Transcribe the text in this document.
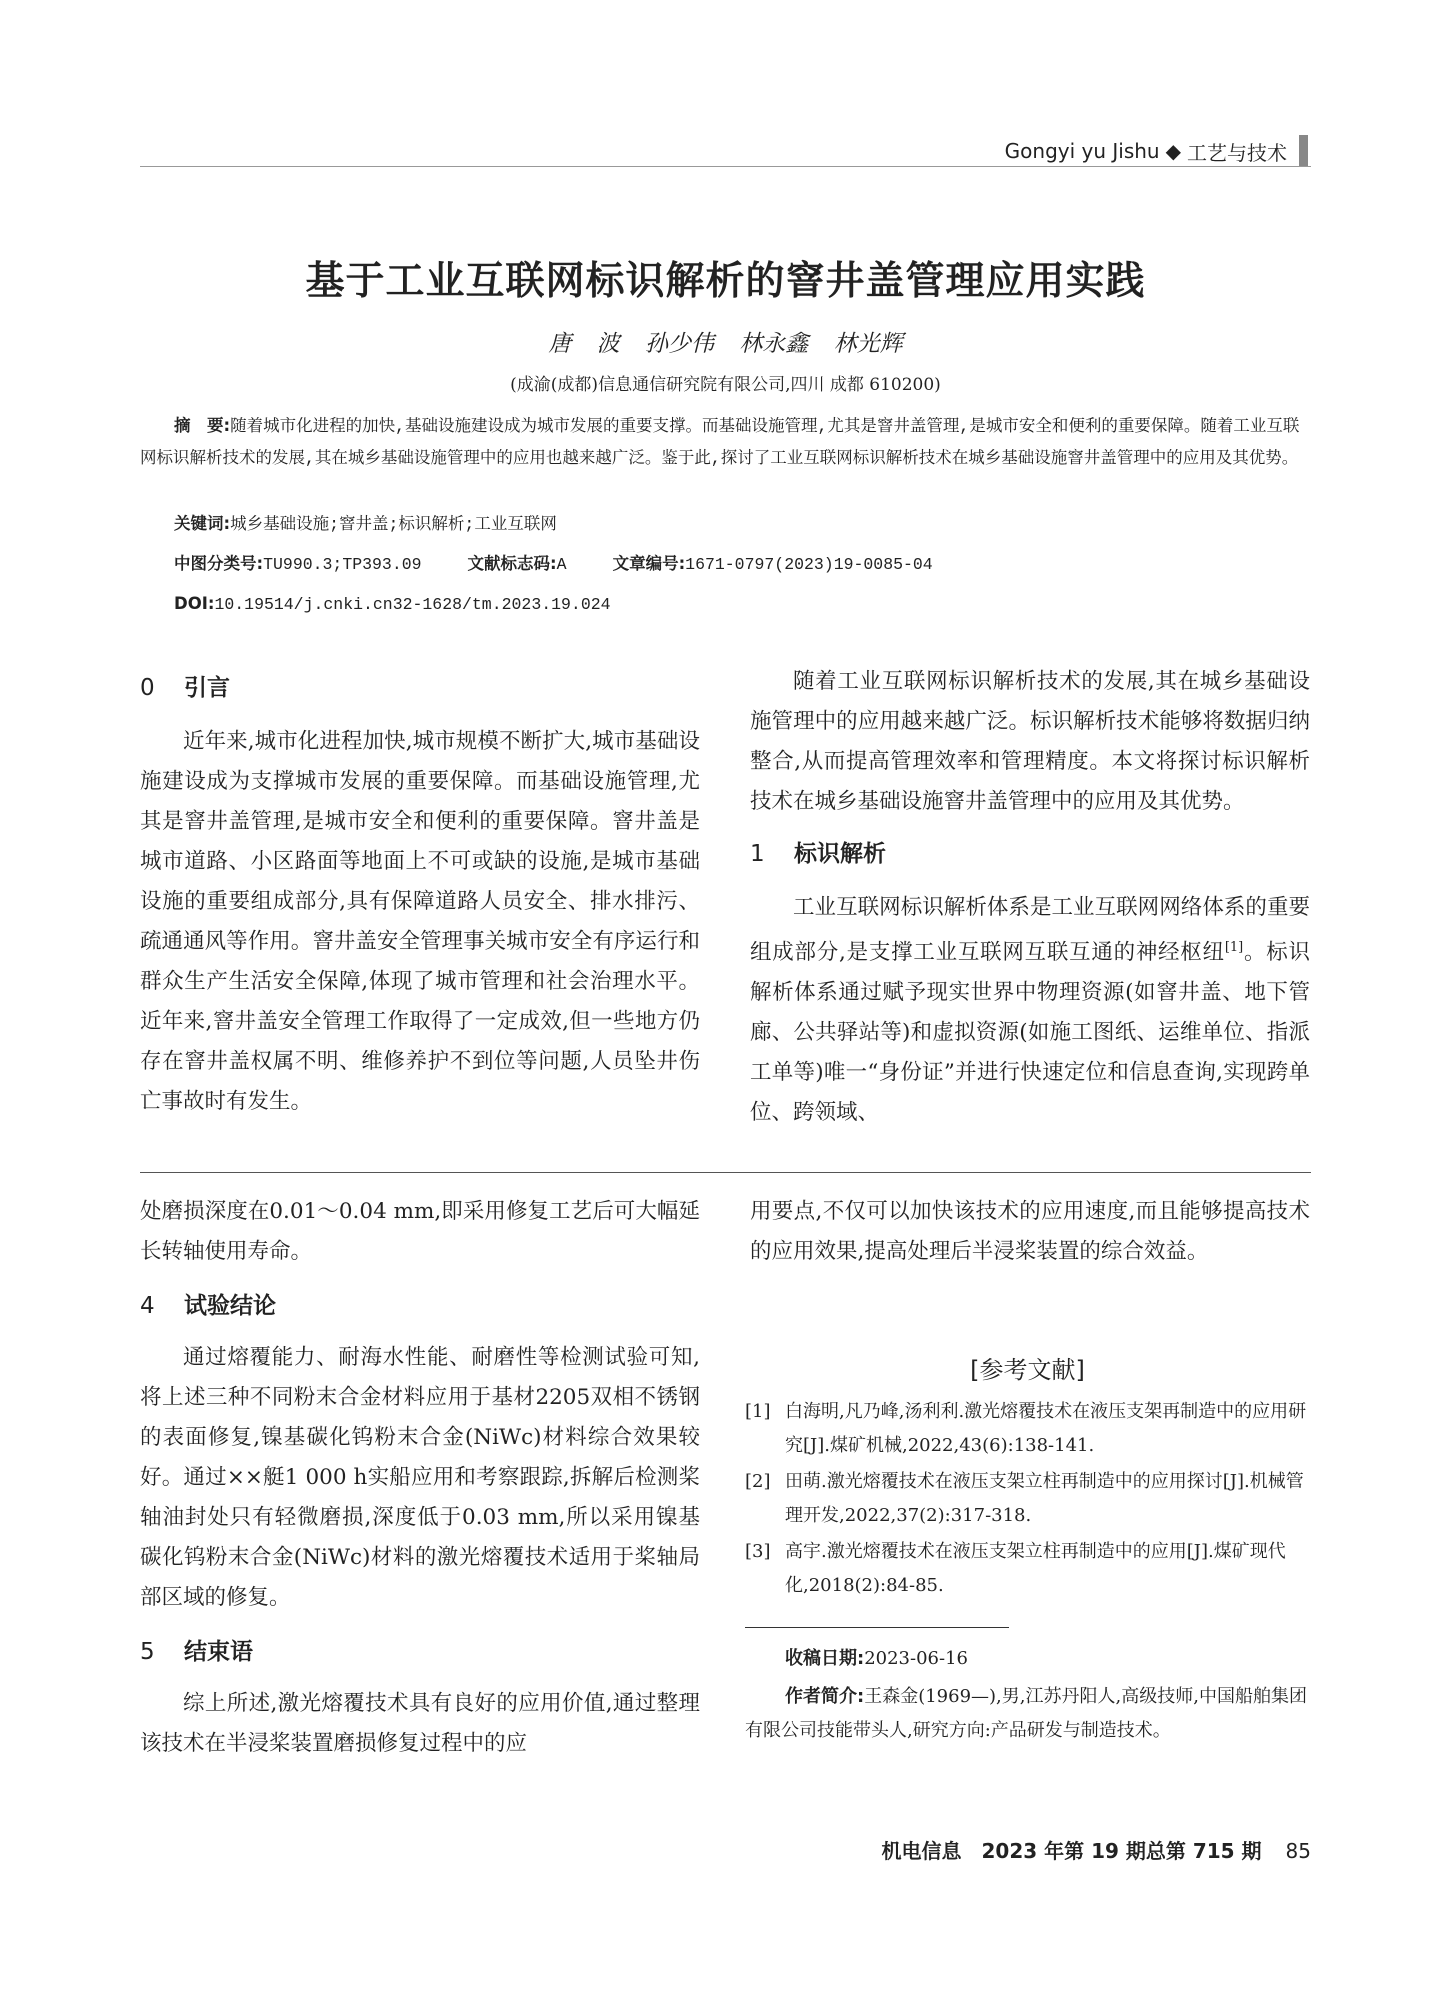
Gongyi yu Jishu ◆ 工艺与技术
基于工业互联网标识解析的窨井盖管理应用实践
唐 波 孙少伟 林永鑫 林光辉
(成渝(成都)信息通信研究院有限公司,四川 成都 610200)
摘　要:随着城市化进程的加快,基础设施建设成为城市发展的重要支撑。而基础设施管理,尤其是窨井盖管理,是城市安全和便利的重要保障。随着工业互联网标识解析技术的发展,其在城乡基础设施管理中的应用也越来越广泛。鉴于此,探讨了工业互联网标识解析技术在城乡基础设施窨井盖管理中的应用及其优势。
关键词:城乡基础设施;窨井盖;标识解析;工业互联网
中图分类号:TU990.3;TP393.09	文献标志码:A	文章编号:1671-0797(2023)19-0085-04
DOI:10.19514/j.cnki.cn32-1628/tm.2023.19.024

0 引言

近年来,城市化进程加快,城市规模不断扩大,城市基础设施建设成为支撑城市发展的重要保障。而基础设施管理,尤其是窨井盖管理,是城市安全和便利的重要保障。窨井盖是城市道路、小区路面等地面上不可或缺的设施,是城市基础设施的重要组成部分,具有保障道路人员安全、排水排污、疏通通风等作用。窨井盖安全管理事关城市安全有序运行和群众生产生活安全保障,体现了城市管理和社会治理水平。近年来,窨井盖安全管理工作取得了一定成效,但一些地方仍存在窨井盖权属不明、维修养护不到位等问题,人员坠井伤亡事故时有发生。

随着工业互联网标识解析技术的发展,其在城乡基础设施管理中的应用越来越广泛。标识解析技术能够将数据归纳整合,从而提高管理效率和管理精度。本文将探讨标识解析技术在城乡基础设施窨井盖管理中的应用及其优势。

1 标识解析

工业互联网标识解析体系是工业互联网网络体系的重要组成部分,是支撑工业互联网互联互通的神经枢纽[1]。标识解析体系通过赋予现实世界中物理资源(如窨井盖、地下管廊、公共驿站等)和虚拟资源(如施工图纸、运维单位、指派工单等)唯一“身份证”并进行快速定位和信息查询,实现跨单位、跨领域、

处磨损深度在0.01～0.04 mm,即采用修复工艺后可大幅延长转轴使用寿命。

4 试验结论

通过熔覆能力、耐海水性能、耐磨性等检测试验可知,将上述三种不同粉末合金材料应用于基材2205双相不锈钢的表面修复,镍基碳化钨粉末合金(NiWc)材料综合效果较好。通过××艇1 000 h实船应用和考察跟踪,拆解后检测桨轴油封处只有轻微磨损,深度低于0.03 mm,所以采用镍基碳化钨粉末合金(NiWc)材料的激光熔覆技术适用于桨轴局部区域的修复。

5 结束语

综上所述,激光熔覆技术具有良好的应用价值,通过整理该技术在半浸桨装置磨损修复过程中的应

用要点,不仅可以加快该技术的应用速度,而且能够提高技术的应用效果,提高处理后半浸桨装置的综合效益。

[参考文献]
[1] 白海明,凡乃峰,汤利利.激光熔覆技术在液压支架再制造中的应用研究[J].煤矿机械,2022,43(6):138-141.
[2] 田萌.激光熔覆技术在液压支架立柱再制造中的应用探讨[J].机械管理开发,2022,37(2):317-318.
[3] 高宇.激光熔覆技术在液压支架立柱再制造中的应用[J].煤矿现代化,2018(2):84-85.
收稿日期:2023-06-16
作者简介:王森金(1969—),男,江苏丹阳人,高级技师,中国船舶集团有限公司技能带头人,研究方向:产品研发与制造技术。
机电信息　2023 年第 19 期总第 715 期 85
